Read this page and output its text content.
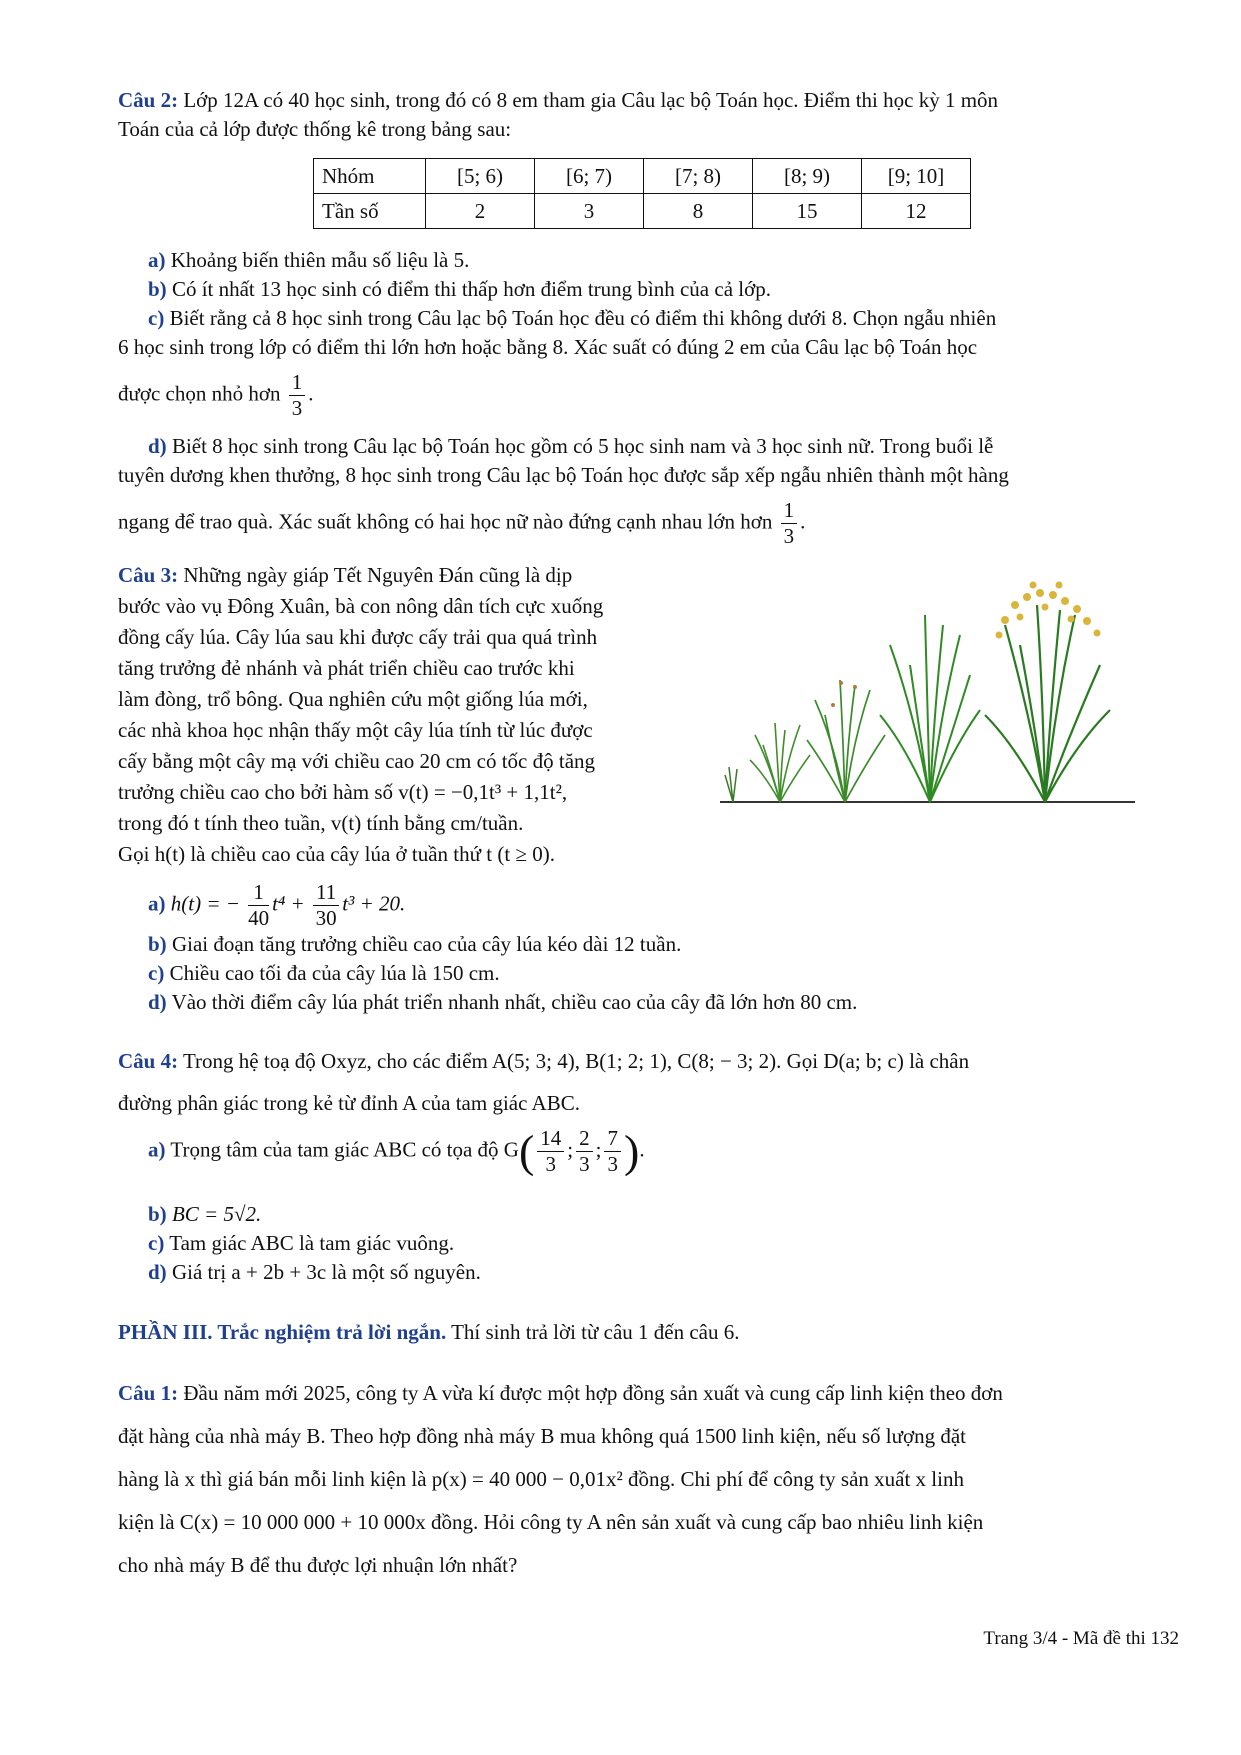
Câu 2: Lớp 12A có 40 học sinh, trong đó có 8 em tham gia Câu lạc bộ Toán học. Điểm thi học kỳ 1 môn
Toán của cả lớp được thống kê trong bảng sau:
Nhóm	[5; 6)	[6; 7)	[7; 8)	[8; 9)	[9; 10]
Tần số	2	3	8	15	12
a) Khoảng biến thiên mẫu số liệu là 5.
b) Có ít nhất 13 học sinh có điểm thi thấp hơn điểm trung bình của cả lớp.
c) Biết rằng cả 8 học sinh trong Câu lạc bộ Toán học đều có điểm thi không dưới 8. Chọn ngẫu nhiên
6 học sinh trong lớp có điểm thi lớn hơn hoặc bằng 8. Xác suất có đúng 2 em của Câu lạc bộ Toán học
được chọn nhỏ hơn $\frac{1}{3}$ .
d) Biết 8 học sinh trong Câu lạc bộ Toán học gồm có 5 học sinh nam và 3 học sinh nữ. Trong buổi lễ
tuyên dương khen thưởng, 8 học sinh trong Câu lạc bộ Toán học được sắp xếp ngẫu nhiên thành một hàng
ngang để trao quà. Xác suất không có hai học nữ nào đứng cạnh nhau lớn hơn $\frac{1}{3}$ .
Câu 3: Những ngày giáp Tết Nguyên Đán cũng là dịp
bước vào vụ Đông Xuân, bà con nông dân tích cực xuống
đồng cấy lúa. Cây lúa sau khi được cấy trải qua quá trình
tăng trưởng đẻ nhánh và phát triển chiều cao trước khi
làm đòng, trổ bông. Qua nghiên cứu một giống lúa mới,
các nhà khoa học nhận thấy một cây lúa tính từ lúc được
cấy bằng một cây mạ với chiều cao 20 cm có tốc độ tăng
trưởng chiều cao cho bởi hàm số v(t) = −0,1t³ + 1,1t²,
trong đó t tính theo tuần, v(t) tính bằng cm/tuần.
Gọi h(t) là chiều cao của cây lúa ở tuần thứ t (t ≥ 0).
a) h(t) = − $\frac{1}{40} t^4 + \frac{11}{30} t^3 + 20$.
b) Giai đoạn tăng trưởng chiều cao của cây lúa kéo dài 12 tuần.
c) Chiều cao tối đa của cây lúa là 150 cm.
d) Vào thời điểm cây lúa phát triển nhanh nhất, chiều cao của cây đã lớn hơn 80 cm.
Câu 4: Trong hệ toạ độ Oxyz, cho các điểm A(5; 3; 4), B(1; 2; 1), C(8; − 3; 2). Gọi D(a; b; c) là chân
đường phân giác trong kẻ từ đỉnh A của tam giác ABC.
a) Trọng tâm của tam giác ABC có tọa độ $G( \frac{14}{3}$ ; $\frac{2}{3}$ ; $\frac{7}{3}$ ).
b) BC = 5√2.
c) Tam giác ABC là tam giác vuông.
d) Giá trị a + 2b + 3c là một số nguyên.
PHẦN III. Trắc nghiệm trả lời ngắn. Thí sinh trả lời từ câu 1 đến câu 6.
Câu 1: Đầu năm mới 2025, công ty A vừa kí được một hợp đồng sản xuất và cung cấp linh kiện theo đơn
đặt hàng của nhà máy B. Theo hợp đồng nhà máy B mua không quá 1500 linh kiện, nếu số lượng đặt
hàng là x thì giá bán mỗi linh kiện là p(x) = 40 000 − 0,01x² đồng. Chi phí để công ty sản xuất x linh
kiện là C(x) = 10 000 000 + 10 000x đồng. Hỏi công ty A nên sản xuất và cung cấp bao nhiêu linh kiện
cho nhà máy B để thu được lợi nhuận lớn nhất?
Trang 3/4 - Mã đề thi 132
